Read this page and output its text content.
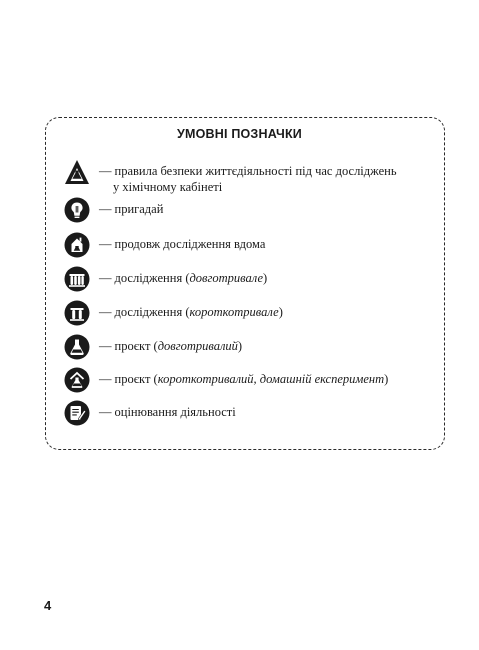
УМОВНІ ПОЗНАЧКИ
— правила безпеки життєдіяльності під час досліджень
у хімічному кабінеті
— пригадай
— продовж дослідження вдома
— дослідження (довготривале)
— дослідження (короткотривале)
— проєкт (довготривалий)
— проєкт (короткотривалий, домашній експеримент)
— оцінювання діяльності
4
